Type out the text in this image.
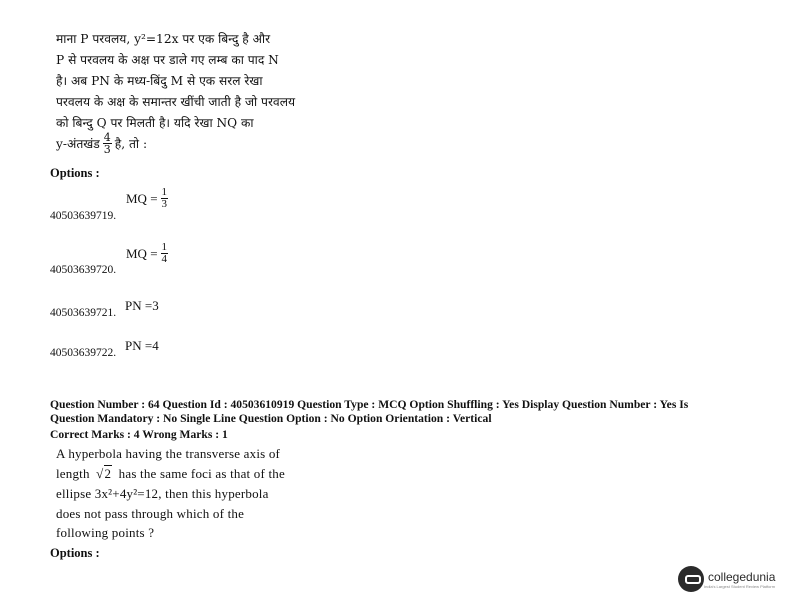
माना P परवलय, y²=12x पर एक बिन्दु है और
P से परवलय के अक्ष पर डाले गए लम्ब का पाद N
है। अब PN के मध्य-बिंदु M से एक सरल रेखा
परवलय के अक्ष के समान्तर खींची जाती है जो परवलय
को बिन्दु Q पर मिलती है। यदि रेखा NQ का
y-अंतखंड $\frac{4}{3}$ है, तो :
Options :
MQ = $\frac{1}{3}$
40503639719.
MQ = $\frac{1}{4}$
40503639720.
40503639721. PN =3
40503639722. PN =4
Question Number : 64 Question Id : 40503610919 Question Type : MCQ Option Shuffling : Yes Display Question Number : Yes Is
Question Mandatory : No Single Line Question Option : No Option Orientation : Vertical
Correct Marks : 4 Wrong Marks : 1
A hyperbola having the transverse axis of
length √2 has the same foci as that of the
ellipse 3x²+4y²=12, then this hyperbola
does not pass through which of the
following points ?
Options :
collegedunia
India's Largest Student Review Platform
